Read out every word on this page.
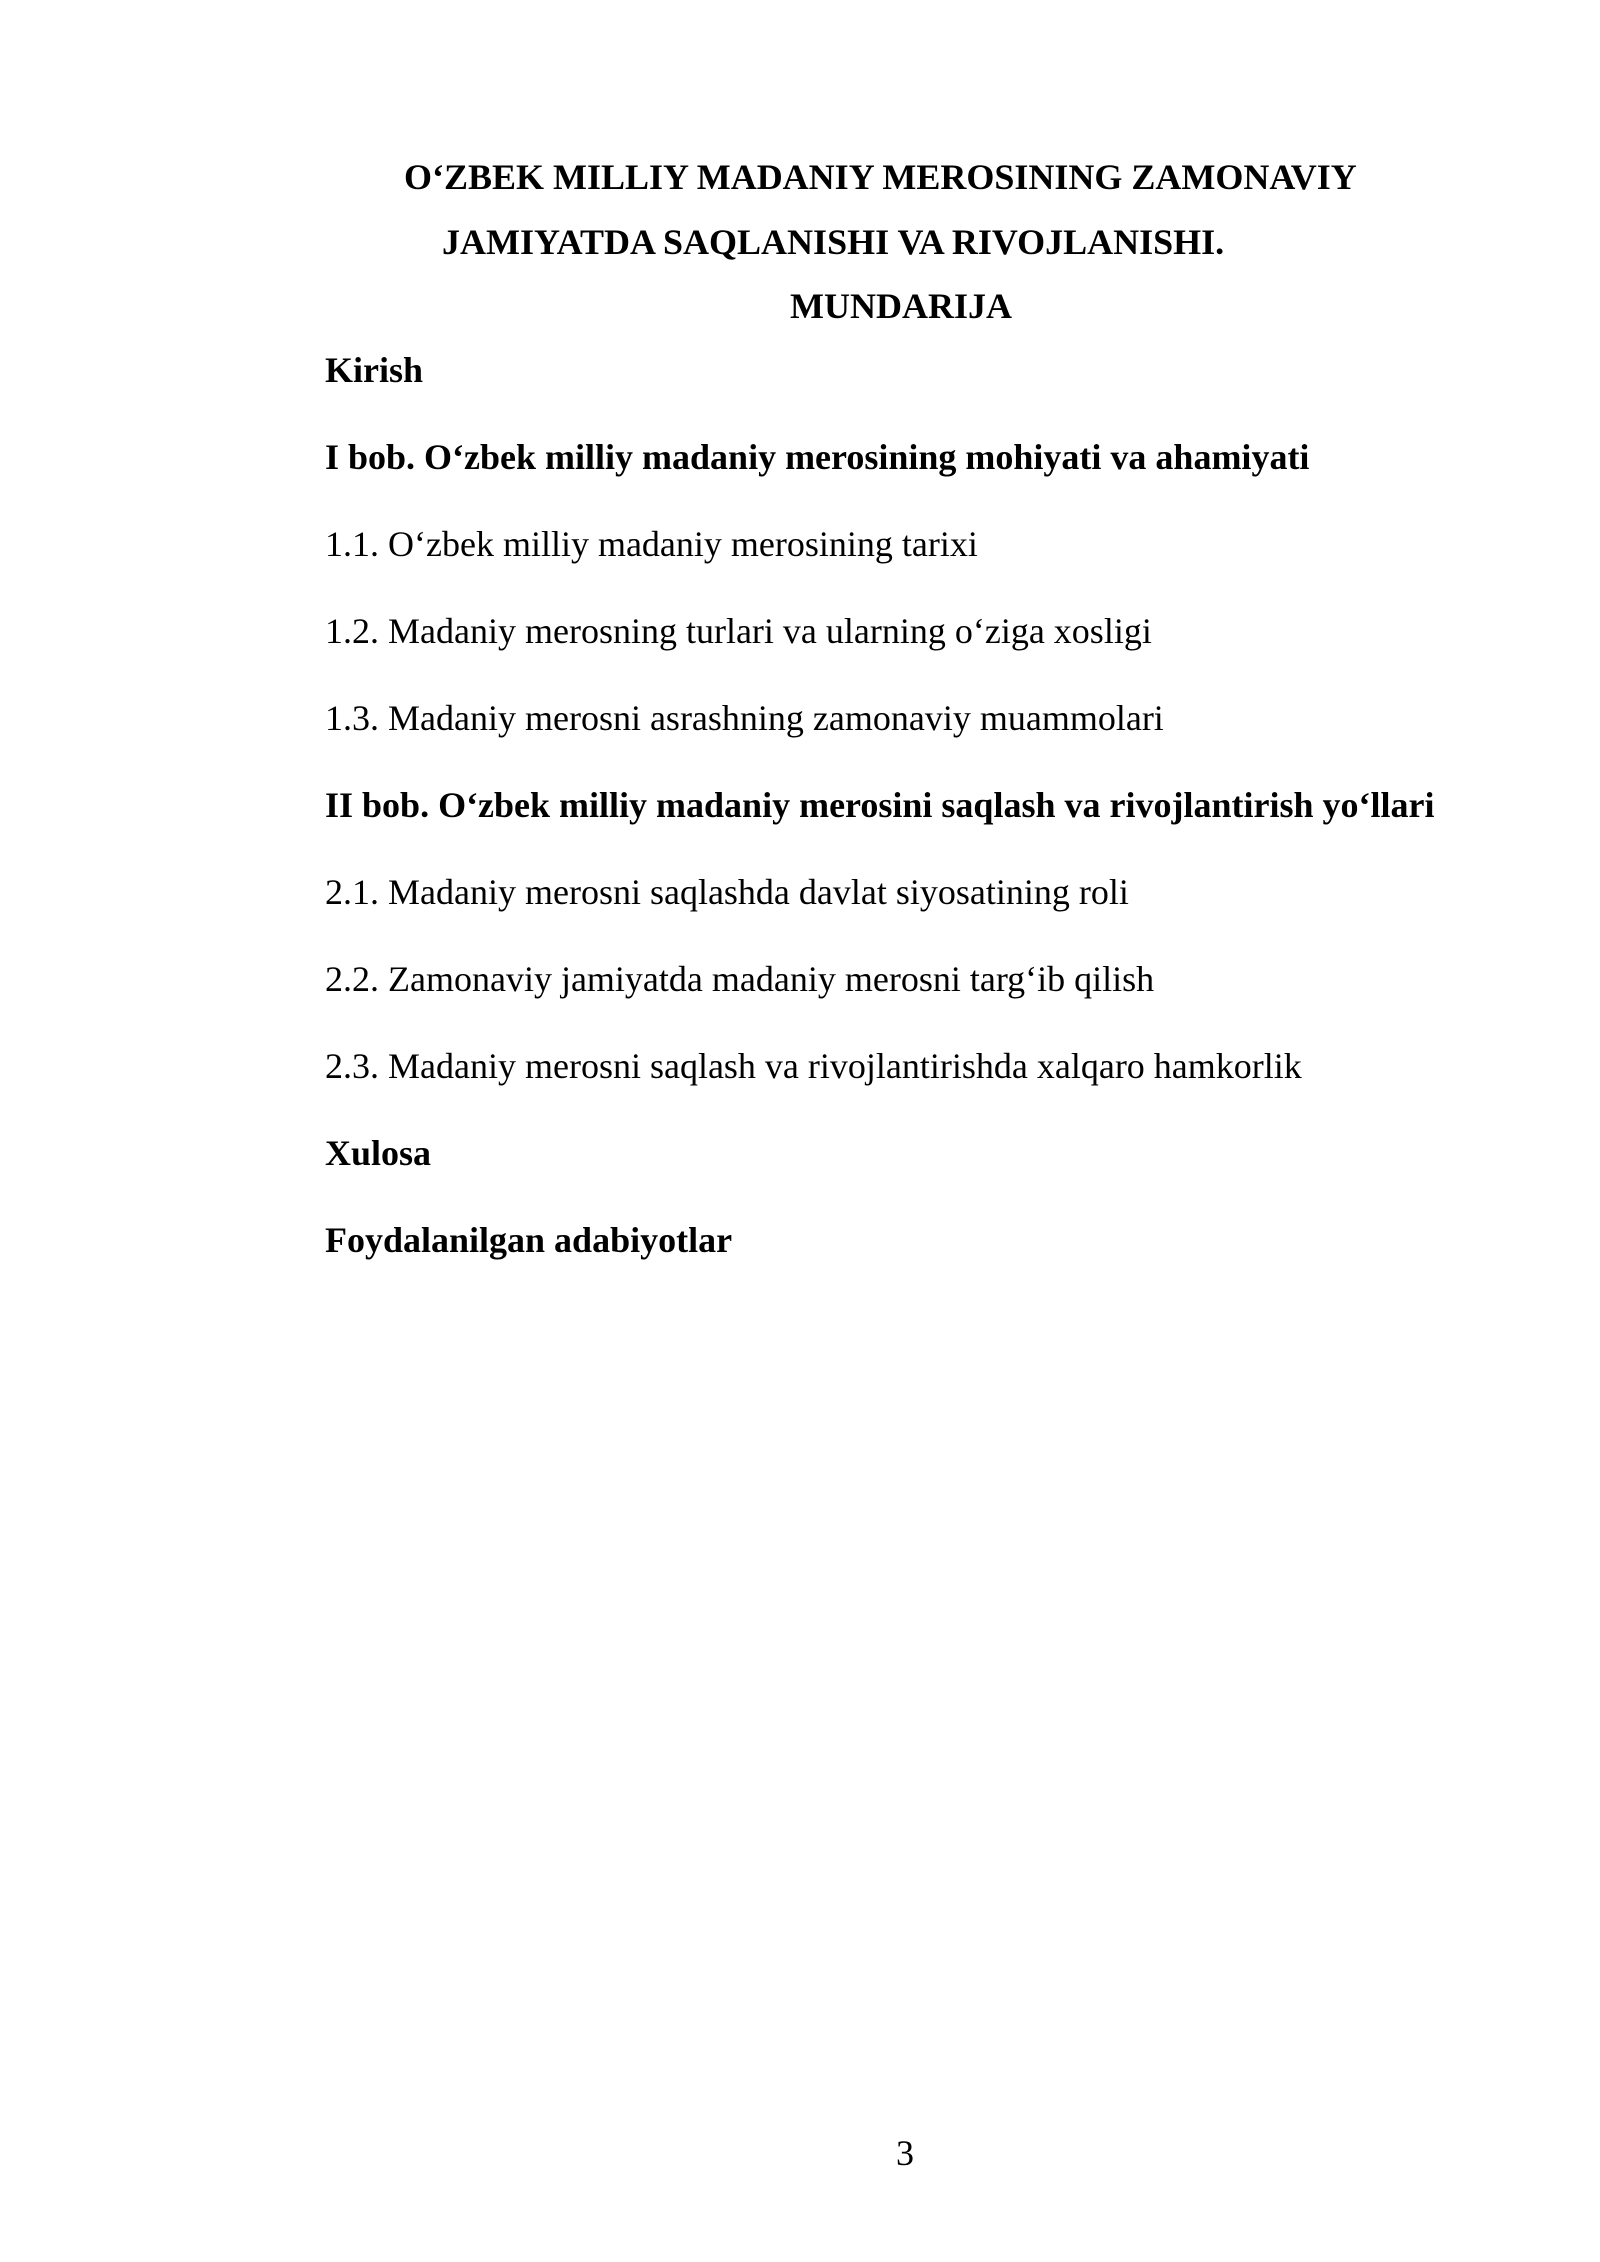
O‘ZBEK MILLIY MADANIY MEROSINING ZAMONAVIY
JAMIYATDA SAQLANISHI VA RIVOJLANISHI.
MUNDARIJA
Kirish
I bob. O‘zbek milliy madaniy merosining mohiyati va ahamiyati
1.1. O‘zbek milliy madaniy merosining tarixi
1.2. Madaniy merosning turlari va ularning o‘ziga xosligi
1.3. Madaniy merosni asrashning zamonaviy muammolari
II bob. O‘zbek milliy madaniy merosini saqlash va rivojlantirish yo‘llari
2.1. Madaniy merosni saqlashda davlat siyosatining roli
2.2. Zamonaviy jamiyatda madaniy merosni targ‘ib qilish
2.3. Madaniy merosni saqlash va rivojlantirishda xalqaro hamkorlik
Xulosa
Foydalanilgan adabiyotlar
3
